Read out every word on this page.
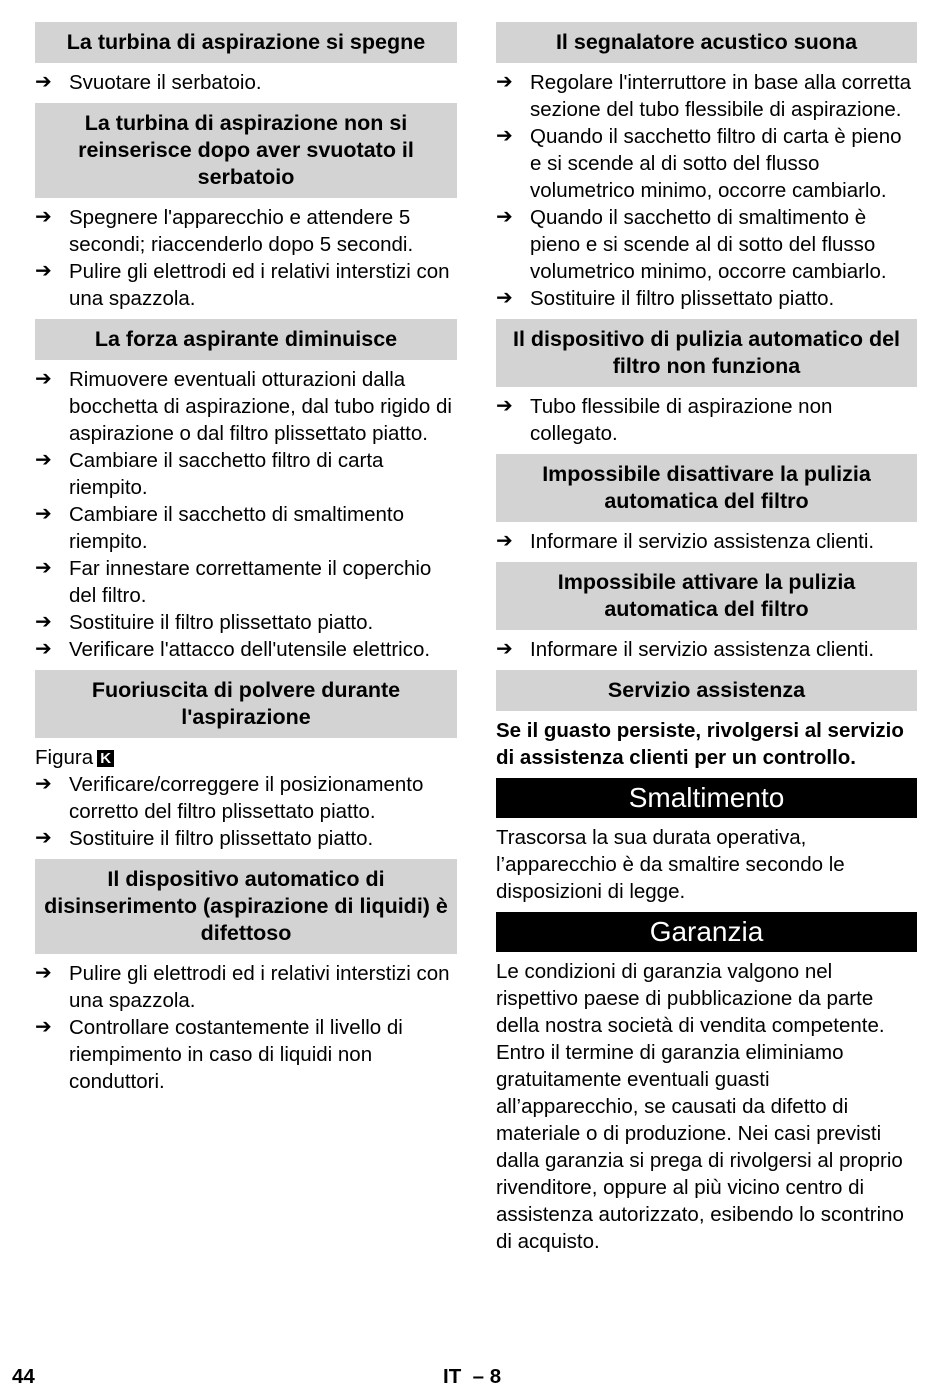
La turbina di aspirazione si spegne
➔ Svuotare il serbatoio.
La turbina di aspirazione non si reinserisce dopo aver svuotato il serbatoio
➔ Spegnere l'apparecchio e attendere 5 secondi; riaccenderlo dopo 5 secondi.
➔ Pulire gli elettrodi ed i relativi interstizi con una spazzola.
La forza aspirante diminuisce
➔ Rimuovere eventuali otturazioni dalla bocchetta di aspirazione, dal tubo rigido di aspirazione o dal filtro plissettato piatto.
➔ Cambiare il sacchetto filtro di carta riempito.
➔ Cambiare il sacchetto di smaltimento riempito.
➔ Far innestare correttamente il coperchio del filtro.
➔ Sostituire il filtro plissettato piatto.
➔ Verificare l'attacco dell'utensile elettrico.
Fuoriuscita di polvere durante l'aspirazione
Figura K
➔ Verificare/correggere il posizionamento corretto del filtro plissettato piatto.
➔ Sostituire il filtro plissettato piatto.
Il dispositivo automatico di disinserimento (aspirazione di liquidi) è difettoso
➔ Pulire gli elettrodi ed i relativi interstizi con una spazzola.
➔ Controllare costantemente il livello di riempimento in caso di liquidi non conduttori.
Il segnalatore acustico suona
➔ Regolare l'interruttore in base alla corretta sezione del tubo flessibile di aspirazione.
➔ Quando il sacchetto filtro di carta è pieno e si scende al di sotto del flusso volumetrico minimo, occorre cambiarlo.
➔ Quando il sacchetto di smaltimento è pieno e si scende al di sotto del flusso volumetrico minimo, occorre cambiarlo.
➔ Sostituire il filtro plissettato piatto.
Il dispositivo di pulizia automatico del filtro non funziona
➔ Tubo flessibile di aspirazione non collegato.
Impossibile disattivare la pulizia automatica del filtro
➔ Informare il servizio assistenza clienti.
Impossibile attivare la pulizia automatica del filtro
➔ Informare il servizio assistenza clienti.
Servizio assistenza

Se il guasto persiste, rivolgersi al servizio di assistenza clienti per un controllo.

Smaltimento

Trascorsa la sua durata operativa, l’apparecchio è da smaltire secondo le disposizioni di legge.

Garanzia

Le condizioni di garanzia valgono nel rispettivo paese di pubblicazione da parte della nostra società di vendita competente. Entro il termine di garanzia eliminiamo gratuitamente eventuali guasti all’apparecchio, se causati da difetto di materiale o di produzione. Nei casi previsti dalla garanzia si prega di rivolgersi al proprio rivenditore, oppure al più vicino centro di assistenza autorizzato, esibendo lo scontrino di acquisto.

44	IT – 8
